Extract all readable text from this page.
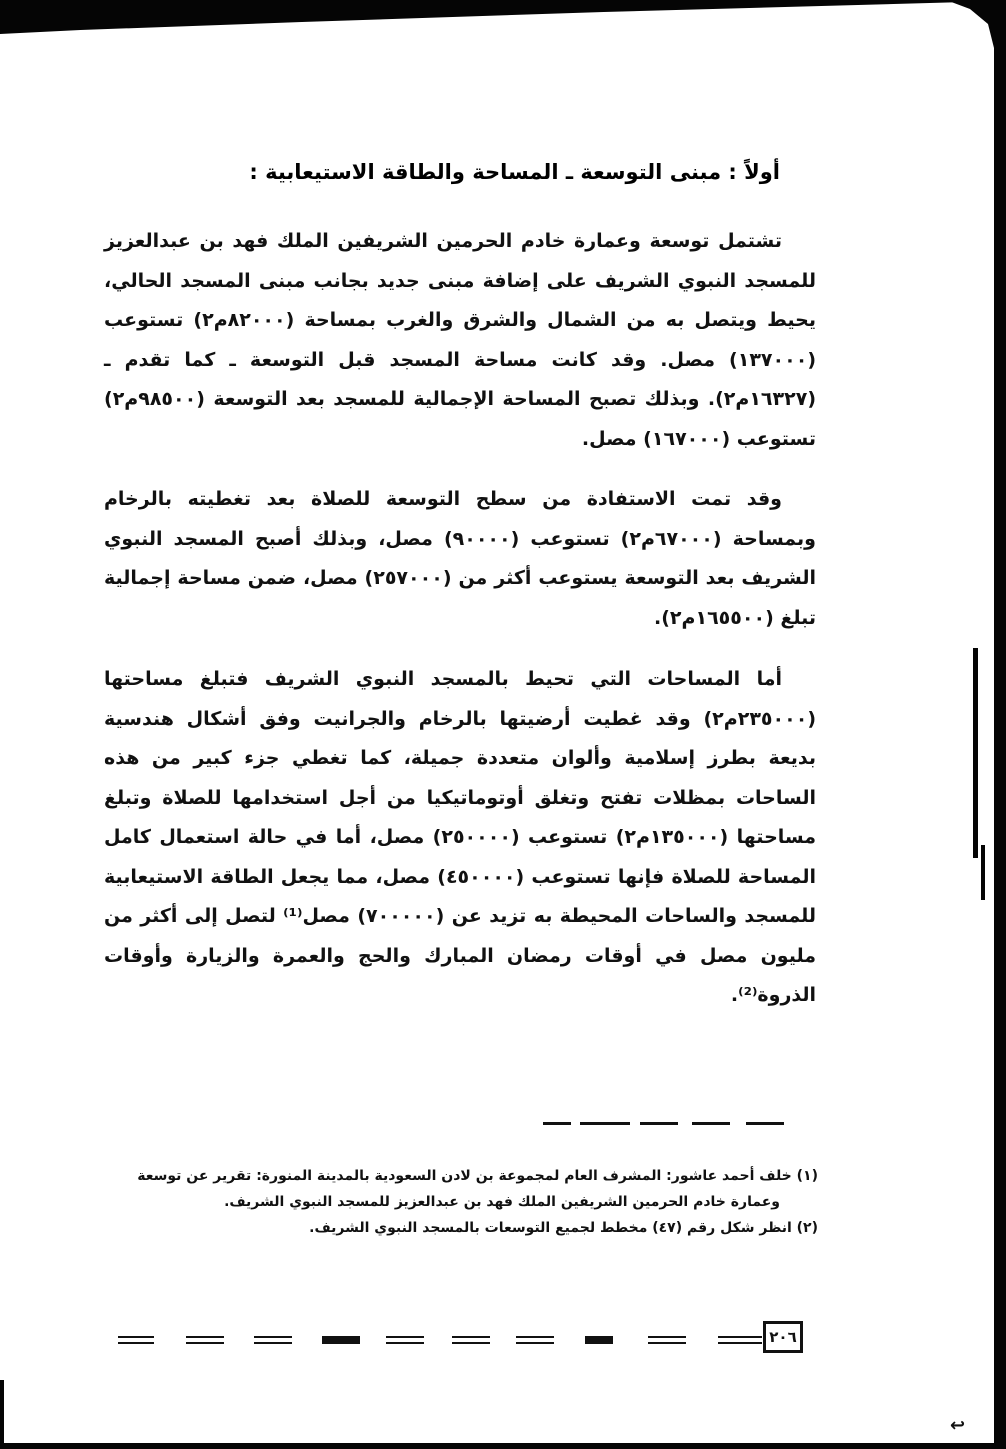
أولاً : مبنى التوسعة ـ المساحة والطاقة الاستيعابية :

تشتمل توسعة وعمارة خادم الحرمين الشريفين الملك فهد بن عبدالعزيز للمسجد النبوي الشريف على إضافة مبنى جديد بجانب مبنى المسجد الحالي، يحيط ويتصل به من الشمال والشرق والغرب بمساحة (٨٢٠٠٠م٢) تستوعب (١٣٧٠٠٠) مصل. وقد كانت مساحة المسجد قبل التوسعة ـ كما تقدم ـ (١٦٣٢٧م٢). وبذلك تصبح المساحة الإجمالية للمسجد بعد التوسعة (٩٨٥٠٠م٢) تستوعب (١٦٧٠٠٠) مصل.

وقد تمت الاستفادة من سطح التوسعة للصلاة بعد تغطيته بالرخام وبمساحة (٦٧٠٠٠م٢) تستوعب (٩٠٠٠٠) مصل، وبذلك أصبح المسجد النبوي الشريف بعد التوسعة يستوعب أكثر من (٢٥٧٠٠٠) مصل، ضمن مساحة إجمالية تبلغ (١٦٥٥٠٠م٢).

أما المساحات التي تحيط بالمسجد النبوي الشريف فتبلغ مساحتها (٢٣٥٠٠٠م٢) وقد غطيت أرضيتها بالرخام والجرانيت وفق أشكال هندسية بديعة بطرز إسلامية وألوان متعددة جميلة، كما تغطي جزء كبير من هذه الساحات بمظلات تفتح وتغلق أوتوماتيكيا من أجل استخدامها للصلاة وتبلغ مساحتها (١٣٥٠٠٠م٢) تستوعب (٢٥٠٠٠٠) مصل، أما في حالة استعمال كامل المساحة للصلاة فإنها تستوعب (٤٥٠٠٠٠) مصل، مما يجعل الطاقة الاستيعابية للمسجد والساحات المحيطة به تزيد عن (٧٠٠٠٠٠) مصل⁽¹⁾ لتصل إلى أكثر من مليون مصل في أوقات رمضان المبارك والحج والعمرة والزيارة وأوقات الذروة⁽²⁾.

(١) خلف أحمد عاشور: المشرف العام لمجموعة بن لادن السعودية بالمدينة المنورة: تقرير عن توسعة وعمارة خادم الحرمين الشريفين الملك فهد بن عبدالعزيز للمسجد النبوي الشريف.

(٢) انظر شكل رقم (٤٧) مخطط لجميع التوسعات بالمسجد النبوي الشريف.

٢٠٦
↩
